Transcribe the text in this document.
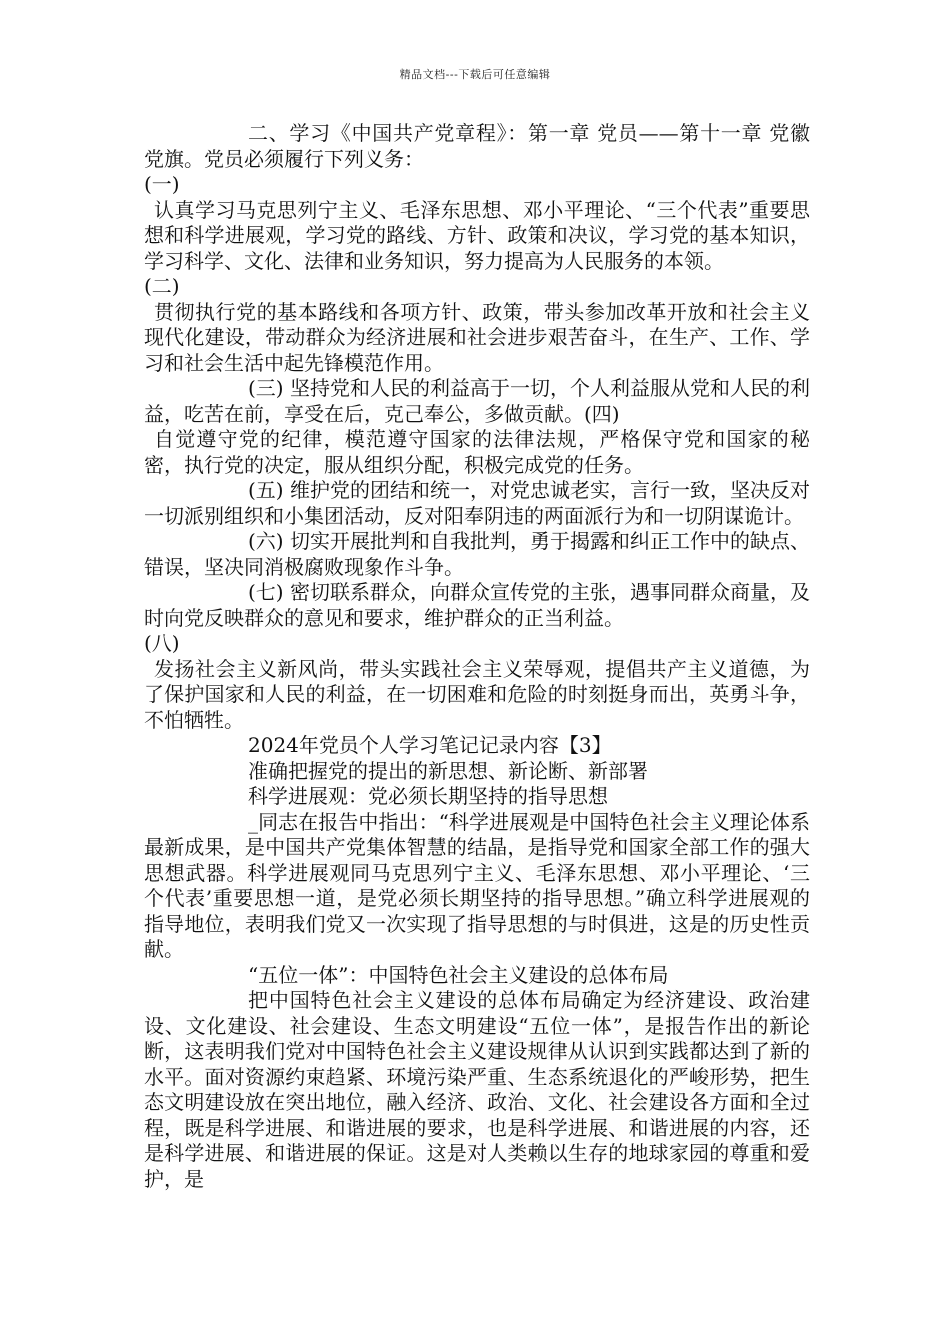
精品文档---下载后可任意编辑

二、学习《中国共产党章程》：第一章 党员——第十一章 党徽党旗。党员必须履行下列义务：

(一)

认真学习马克思列宁主义、毛泽东思想、邓小平理论、“三个代表”重要思想和科学进展观，学习党的路线、方针、政策和决议，学习党的基本知识，学习科学、文化、法律和业务知识，努力提高为人民服务的本领。

(二)

贯彻执行党的基本路线和各项方针、政策，带头参加改革开放和社会主义现代化建设，带动群众为经济进展和社会进步艰苦奋斗，在生产、工作、学习和社会生活中起先锋模范作用。

(三) 坚持党和人民的利益高于一切，个人利益服从党和人民的利益，吃苦在前，享受在后，克己奉公，多做贡献。(四)

自觉遵守党的纪律，模范遵守国家的法律法规，严格保守党和国家的秘密，执行党的决定，服从组织分配，积极完成党的任务。

(五) 维护党的团结和统一，对党忠诚老实，言行一致，坚决反对一切派别组织和小集团活动，反对阳奉阴违的两面派行为和一切阴谋诡计。

(六) 切实开展批判和自我批判，勇于揭露和纠正工作中的缺点、错误，坚决同消极腐败现象作斗争。

(七) 密切联系群众，向群众宣传党的主张，遇事同群众商量，及时向党反映群众的意见和要求，维护群众的正当利益。

(八)

发扬社会主义新风尚，带头实践社会主义荣辱观，提倡共产主义道德，为了保护国家和人民的利益，在一切困难和危险的时刻挺身而出，英勇斗争，不怕牺牲。

2024年党员个人学习笔记记录内容【3】

准确把握党的提出的新思想、新论断、新部署

科学进展观：党必须长期坚持的指导思想

_同志在报告中指出：“科学进展观是中国特色社会主义理论体系最新成果，是中国共产党集体智慧的结晶，是指导党和国家全部工作的强大思想武器。科学进展观同马克思列宁主义、毛泽东思想、邓小平理论、‘三个代表’重要思想一道，是党必须长期坚持的指导思想。”确立科学进展观的指导地位，表明我们党又一次实现了指导思想的与时俱进，这是的历史性贡献。

“五位一体”：中国特色社会主义建设的总体布局

把中国特色社会主义建设的总体布局确定为经济建设、政治建设、文化建设、社会建设、生态文明建设“五位一体”，是报告作出的新论断，这表明我们党对中国特色社会主义建设规律从认识到实践都达到了新的水平。面对资源约束趋紧、环境污染严重、生态系统退化的严峻形势，把生态文明建设放在突出地位，融入经济、政治、文化、社会建设各方面和全过程，既是科学进展、和谐进展的要求，也是科学进展、和谐进展的内容，还是科学进展、和谐进展的保证。这是对人类赖以生存的地球家园的尊重和爱护，是
